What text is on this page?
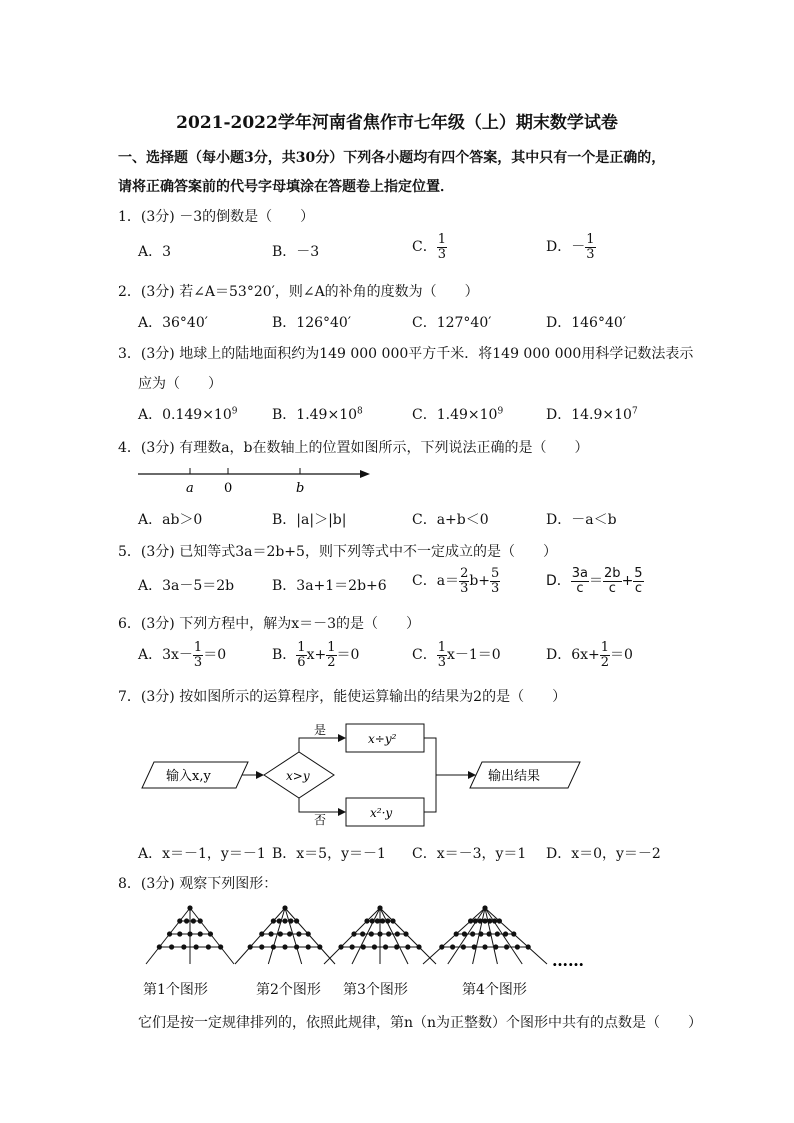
2021-2022学年河南省焦作市七年级（上）期末数学试卷
一、选择题（每小题3分，共30分）下列各小题均有四个答案，其中只有一个是正确的，
请将正确答案前的代号字母填涂在答题卷上指定位置．
1．(3分) －3的倒数是（　　）
A．3	B．－3	C． $\frac{1}{3}$	D．－ $\frac{1}{3}$
2．(3分) 若∠A＝53°20′，则∠A的补角的度数为（　　）
A．36°40′	B．126°40′	C．127°40′	D．146°40′
3．(3分) 地球上的陆地面积约为149 000 000平方千米．将149 000 000用科学记数法表示
应为（　　）
A．$0.149\times 10^9$ B．$1.49\times 10^8$	C．$1.49\times 10^9$	D．$14.9\times 10^7$
4．(3分) 有理数a，b在数轴上的位置如图所示，下列说法正确的是（　　）
a 0	b
A．ab＞0	B．|a|＞|b|	C．a+b＜0	D．－a＜b
5．(3分) 已知等式3a＝2b+5，则下列等式中不一定成立的是（　　）
A．3a－5＝2b	B．3a+1＝2b+6 C．$a= \frac{2}{3} b+ \frac{5}{3}$	D． $\frac{3a}{c} = \frac{2b}{c} + \frac{5}{c}$
6．(3分) 下列方程中，解为x＝－3的是（　　）
A．$3x- \frac{1}{3} =0$	B． $\frac{1}{6} x+ \frac{1}{2} =0$	C． $\frac{1}{3} x-1=0$	D．$6x+ \frac{1}{2} =0$
7．(3分) 按如图所示的运算程序，能使运算输出的结果为2的是（　　）
输入x,y	x>y
是
否
x÷y²
x²·y
输出结果
A．x＝－1，y＝－1 B．x＝5，y＝－1 C．x＝－3，y＝1 D．x＝0，y＝－2
8．(3分) 观察下列图形：
……
第1个图形	第2个图形 第3个图形	第4个图形
它们是按一定规律排列的，依照此规律，第n（n为正整数）个图形中共有的点数是（　　）
